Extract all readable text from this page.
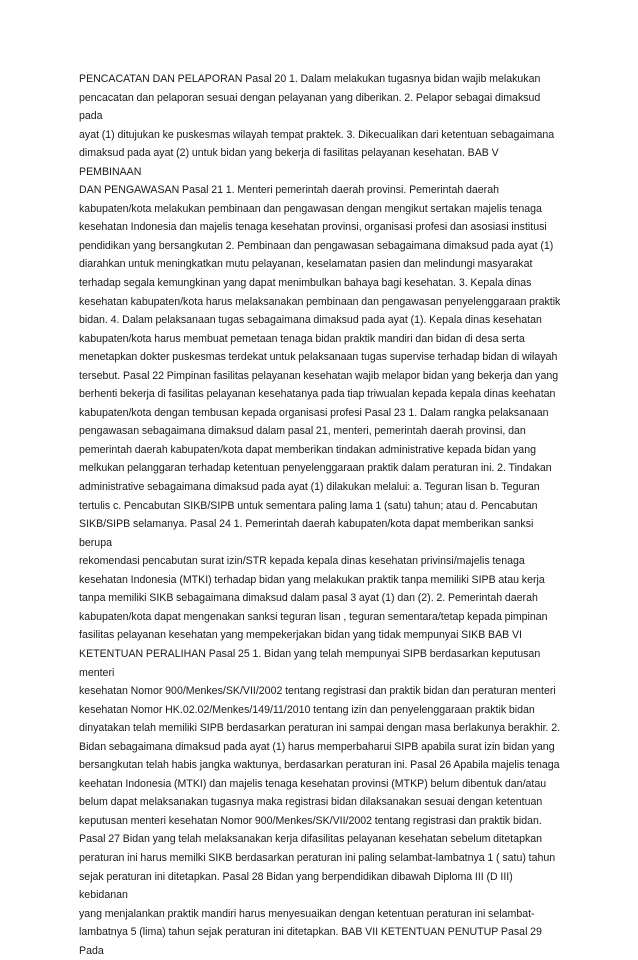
PENCACATAN DAN PELAPORAN Pasal 20 1. Dalam melakukan tugasnya bidan wajib melakukan
pencacatan dan pelaporan sesuai dengan pelayanan yang diberikan. 2. Pelapor sebagai dimaksud pada
ayat (1) ditujukan ke puskesmas wilayah tempat praktek. 3. Dikecualikan dari ketentuan sebagaimana
dimaksud pada ayat (2) untuk bidan yang bekerja di fasilitas pelayanan kesehatan. BAB V PEMBINAAN
DAN PENGAWASAN Pasal 21 1. Menteri pemerintah daerah provinsi. Pemerintah daerah
kabupaten/kota melakukan pembinaan dan pengawasan dengan mengikut sertakan majelis tenaga
kesehatan Indonesia dan majelis tenaga kesehatan provinsi, organisasi profesi dan asosiasi institusi
pendidikan yang bersangkutan 2. Pembinaan dan pengawasan sebagaimana dimaksud pada ayat (1)
diarahkan untuk meningkatkan mutu pelayanan, keselamatan pasien dan melindungi masyarakat
terhadap segala kemungkinan yang dapat menimbulkan bahaya bagi kesehatan. 3. Kepala dinas
kesehatan kabupaten/kota harus melaksanakan pembinaan dan pengawasan penyelenggaraan praktik
bidan. 4. Dalam pelaksanaan tugas sebagaimana dimaksud pada ayat (1). Kepala dinas kesehatan
kabupaten/kota harus membuat pemetaan tenaga bidan praktik mandiri dan bidan di desa serta
menetapkan dokter puskesmas terdekat untuk pelaksanaan tugas supervise terhadap bidan di wilayah
tersebut. Pasal 22 Pimpinan fasilitas pelayanan kesehatan wajib melapor bidan yang bekerja dan yang
berhenti bekerja di fasilitas pelayanan kesehatanya pada tiap triwualan kepada kepala dinas keehatan
kabupaten/kota dengan tembusan kepada organisasi profesi Pasal 23 1. Dalam rangka pelaksanaan
pengawasan sebagaimana dimaksud dalam pasal 21, menteri, pemerintah daerah provinsi, dan
pemerintah daerah kabupaten/kota dapat memberikan tindakan administrative kepada bidan yang
melkukan pelanggaran terhadap ketentuan penyelenggaraan praktik dalam peraturan ini. 2. Tindakan
administrative sebagaimana dimaksud pada ayat (1) dilakukan melalui: a. Teguran lisan b. Teguran
tertulis c. Pencabutan SIKB/SIPB untuk sementara paling lama 1 (satu) tahun; atau d. Pencabutan
SIKB/SIPB selamanya. Pasal 24 1. Pemerintah daerah kabupaten/kota dapat memberikan sanksi berupa
rekomendasi pencabutan surat izin/STR kepada kepala dinas kesehatan privinsi/majelis tenaga
kesehatan Indonesia (MTKI) terhadap bidan yang melakukan praktik tanpa memiliki SIPB atau kerja
tanpa memiliki SIKB sebagaimana dimaksud dalam pasal 3 ayat (1) dan (2). 2. Pemerintah daerah
kabupaten/kota dapat mengenakan sanksi teguran lisan , teguran sementara/tetap kepada pimpinan
fasilitas pelayanan kesehatan yang mempekerjakan bidan yang tidak mempunyai SIKB BAB VI
KETENTUAN PERALIHAN Pasal 25 1. Bidan yang telah mempunyai SIPB berdasarkan keputusan menteri
kesehatan Nomor 900/Menkes/SK/VII/2002 tentang registrasi dan praktik bidan dan peraturan menteri
kesehatan Nomor HK.02.02/Menkes/149/11/2010 tentang izin dan penyelenggaraan praktik bidan
dinyatakan telah memiliki SIPB berdasarkan peraturan ini sampai dengan masa berlakunya berakhir. 2.
Bidan sebagaimana dimaksud pada ayat (1) harus memperbaharui SIPB apabila surat izin bidan yang
bersangkutan telah habis jangka waktunya, berdasarkan peraturan ini. Pasal 26 Apabila majelis tenaga
keehatan Indonesia (MTKI) dan majelis tenaga kesehatan provinsi (MTKP) belum dibentuk dan/atau
belum dapat melaksanakan tugasnya maka registrasi bidan dilaksanakan sesuai dengan ketentuan
keputusan menteri kesehatan Nomor 900/Menkes/SK/VII/2002 tentang registrasi dan praktik bidan.
Pasal 27 Bidan yang telah melaksanakan kerja difasilitas pelayanan kesehatan sebelum ditetapkan
peraturan ini harus memilki SIKB berdasarkan peraturan ini paling selambat-lambatnya 1 ( satu) tahun
sejak peraturan ini ditetapkan. Pasal 28 Bidan yang berpendidikan dibawah Diploma III (D III) kebidanan
yang menjalankan praktik mandiri harus menyesuaikan dengan ketentuan peraturan ini selambat-
lambatnya 5 (lima) tahun sejak peraturan ini ditetapkan. BAB VII KETENTUAN PENUTUP Pasal 29 Pada
